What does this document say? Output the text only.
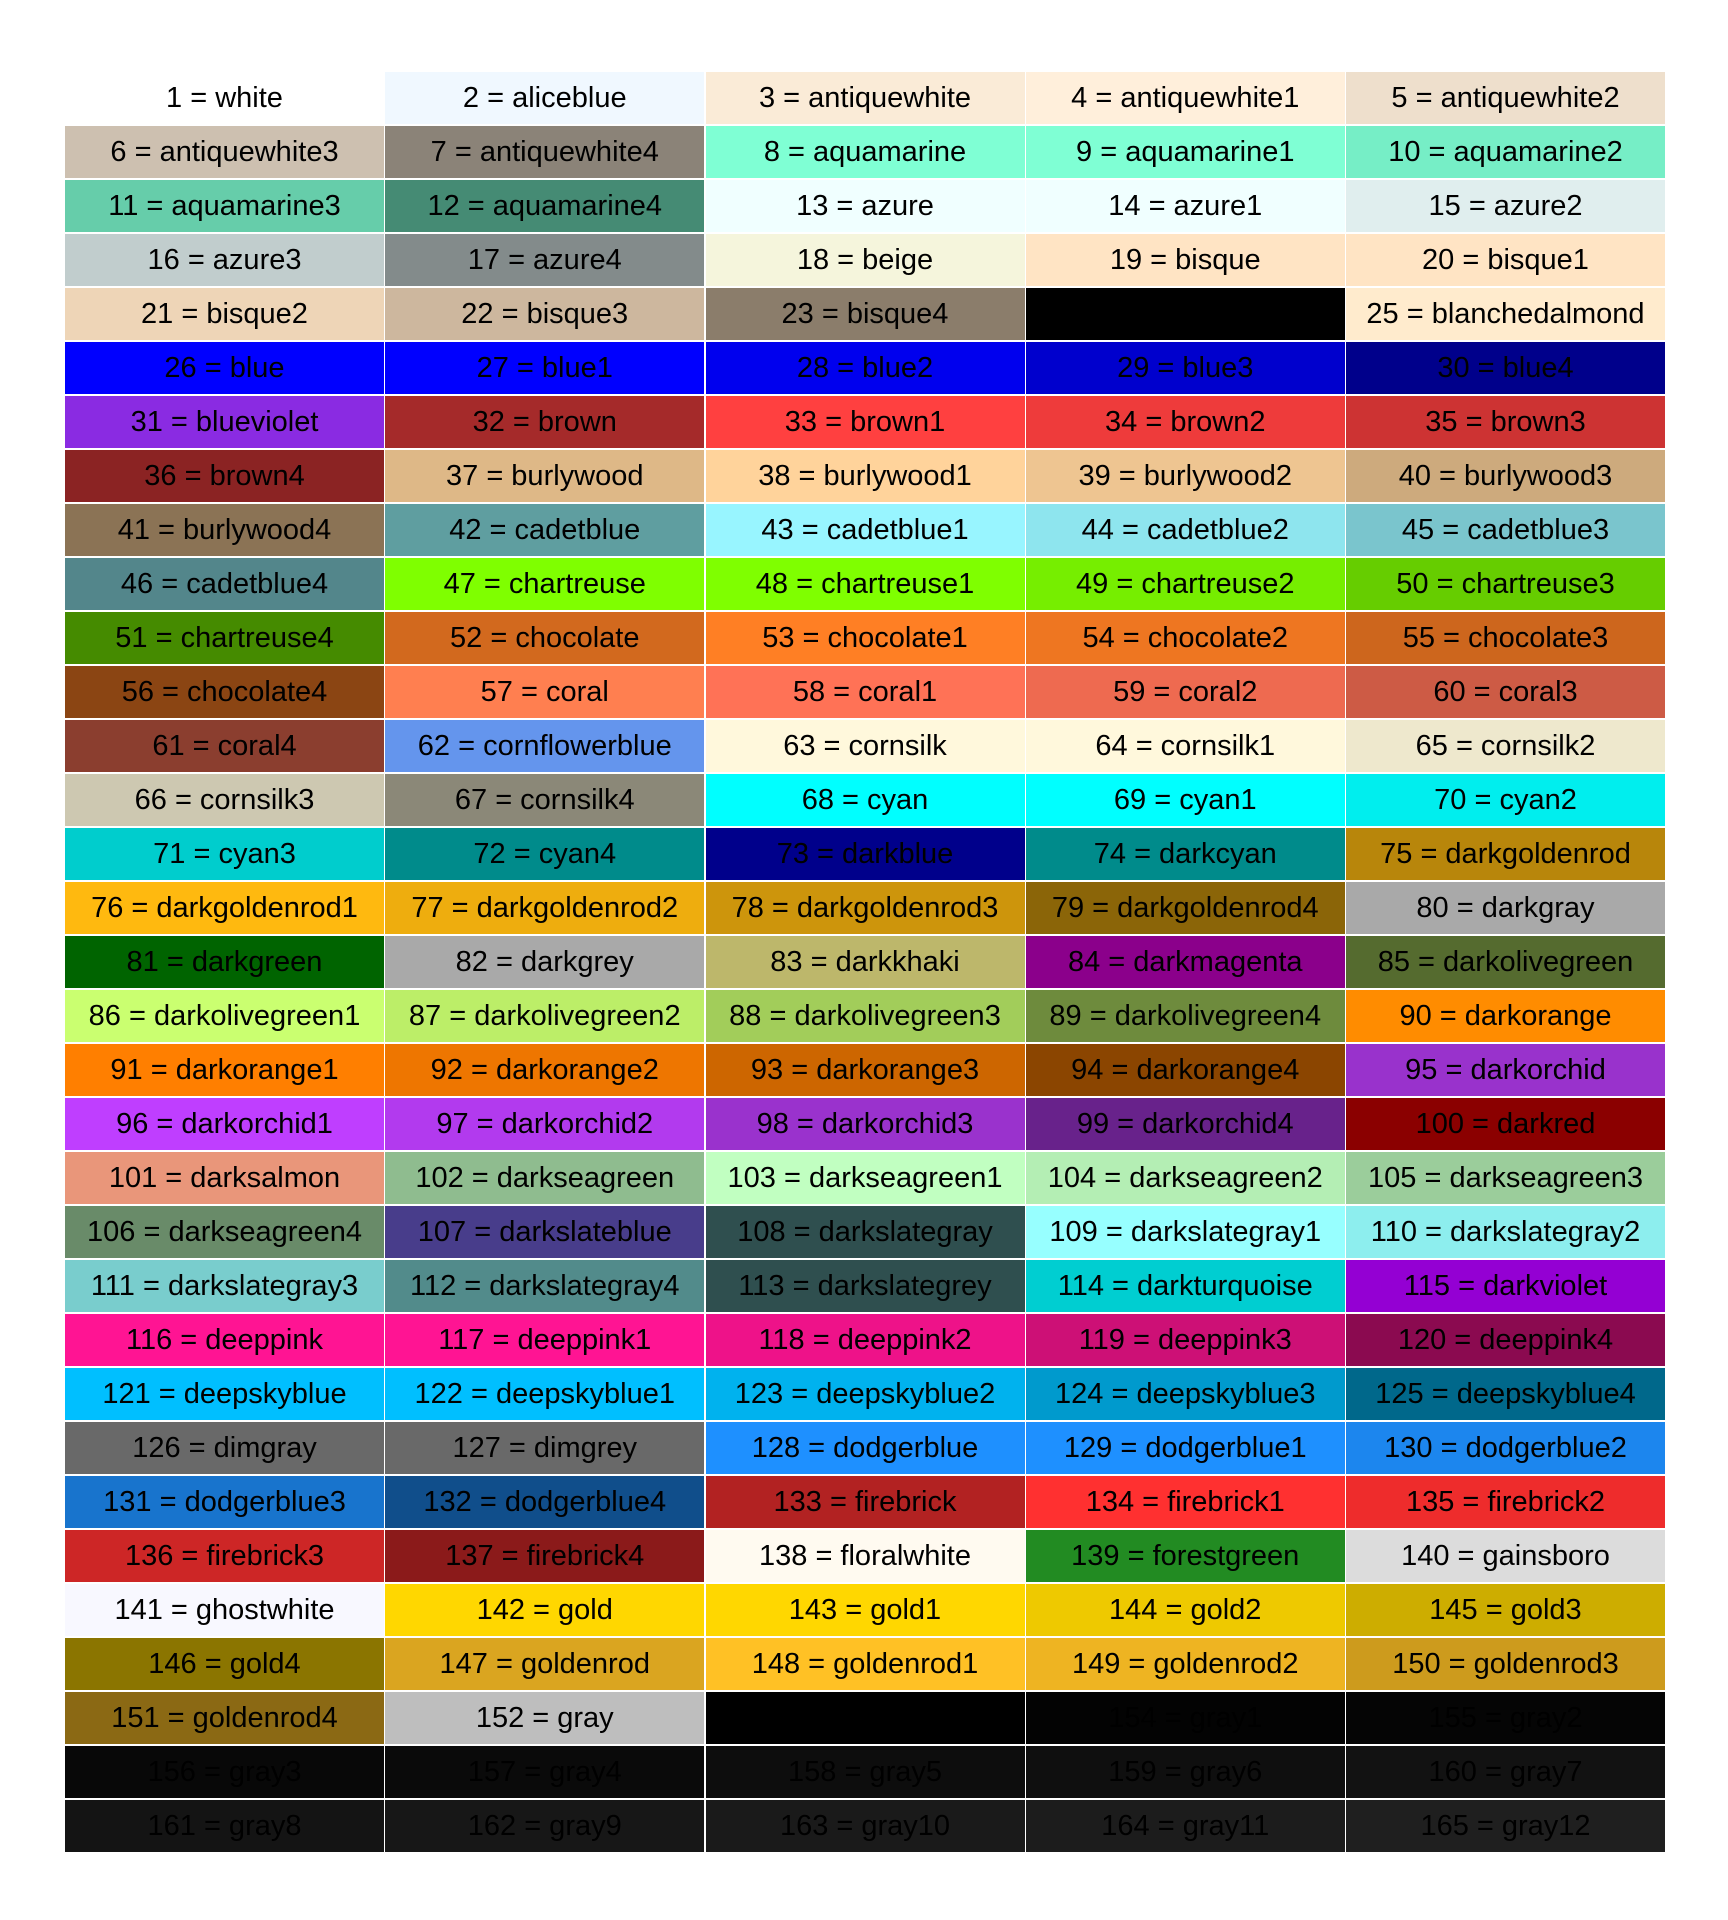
1 = white	2 = aliceblue	3 = antiquewhite	4 = antiquewhite1	5 = antiquewhite2
6 = antiquewhite3	7 = antiquewhite4	8 = aquamarine	9 = aquamarine1	10 = aquamarine2
11 = aquamarine3	12 = aquamarine4	13 = azure	14 = azure1	15 = azure2
16 = azure3	17 = azure4	18 = beige	19 = bisque	20 = bisque1
21 = bisque2	22 = bisque3	23 = bisque4	24 = black	25 = blanchedalmond
26 = blue	27 = blue1	28 = blue2	29 = blue3	30 = blue4
31 = blueviolet	32 = brown	33 = brown1	34 = brown2	35 = brown3
36 = brown4	37 = burlywood	38 = burlywood1	39 = burlywood2	40 = burlywood3
41 = burlywood4	42 = cadetblue	43 = cadetblue1	44 = cadetblue2	45 = cadetblue3
46 = cadetblue4	47 = chartreuse	48 = chartreuse1	49 = chartreuse2	50 = chartreuse3
51 = chartreuse4	52 = chocolate	53 = chocolate1	54 = chocolate2	55 = chocolate3
56 = chocolate4	57 = coral	58 = coral1	59 = coral2	60 = coral3
61 = coral4	62 = cornflowerblue	63 = cornsilk	64 = cornsilk1	65 = cornsilk2
66 = cornsilk3	67 = cornsilk4	68 = cyan	69 = cyan1	70 = cyan2
71 = cyan3	72 = cyan4	73 = darkblue	74 = darkcyan	75 = darkgoldenrod
76 = darkgoldenrod1	77 = darkgoldenrod2	78 = darkgoldenrod3	79 = darkgoldenrod4	80 = darkgray
81 = darkgreen	82 = darkgrey	83 = darkkhaki	84 = darkmagenta	85 = darkolivegreen
86 = darkolivegreen1	87 = darkolivegreen2	88 = darkolivegreen3	89 = darkolivegreen4	90 = darkorange
91 = darkorange1	92 = darkorange2	93 = darkorange3	94 = darkorange4	95 = darkorchid
96 = darkorchid1	97 = darkorchid2	98 = darkorchid3	99 = darkorchid4	100 = darkred
101 = darksalmon	102 = darkseagreen	103 = darkseagreen1	104 = darkseagreen2	105 = darkseagreen3
106 = darkseagreen4	107 = darkslateblue	108 = darkslategray	109 = darkslategray1	110 = darkslategray2
111 = darkslategray3	112 = darkslategray4	113 = darkslategrey	114 = darkturquoise	115 = darkviolet
116 = deeppink	117 = deeppink1	118 = deeppink2	119 = deeppink3	120 = deeppink4
121 = deepskyblue	122 = deepskyblue1	123 = deepskyblue2	124 = deepskyblue3	125 = deepskyblue4
126 = dimgray	127 = dimgrey	128 = dodgerblue	129 = dodgerblue1	130 = dodgerblue2
131 = dodgerblue3	132 = dodgerblue4	133 = firebrick	134 = firebrick1	135 = firebrick2
136 = firebrick3	137 = firebrick4	138 = floralwhite	139 = forestgreen	140 = gainsboro
141 = ghostwhite	142 = gold	143 = gold1	144 = gold2	145 = gold3
146 = gold4	147 = goldenrod	148 = goldenrod1	149 = goldenrod2	150 = goldenrod3
151 = goldenrod4	152 = gray	153 = gray0	154 = gray1	155 = gray2
156 = gray3	157 = gray4	158 = gray5	159 = gray6	160 = gray7
161 = gray8	162 = gray9	163 = gray10	164 = gray11	165 = gray12
